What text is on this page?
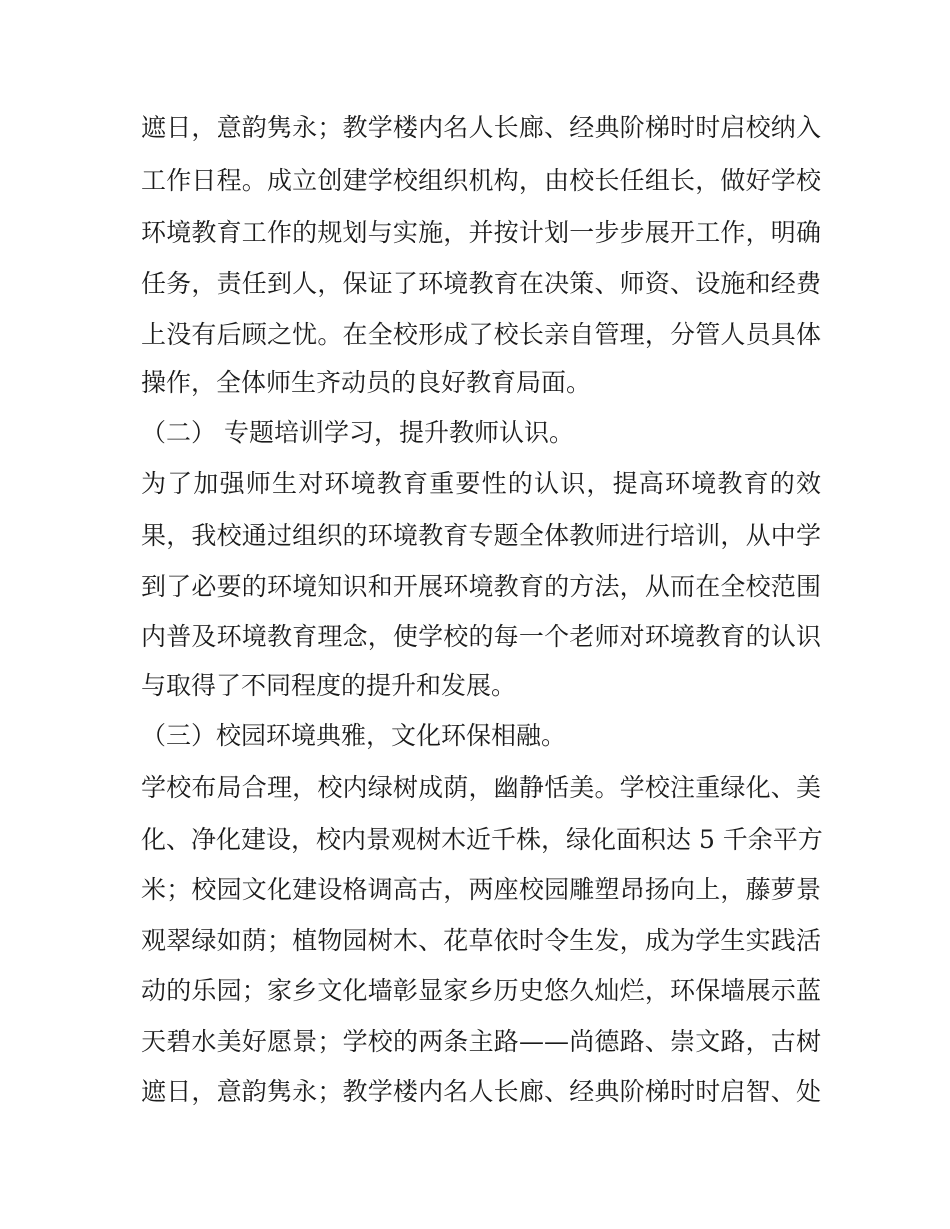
遮日，意韵隽永；教学楼内名人长廊、经典阶梯时时启校纳入
工作日程。成立创建学校组织机构，由校长任组长，做好学校
环境教育工作的规划与实施，并按计划一步步展开工作，明确
任务，责任到人，保证了环境教育在决策、师资、设施和经费
上没有后顾之忧。在全校形成了校长亲自管理，分管人员具体
操作，全体师生齐动员的良好教育局面。
（二） 专题培训学习，提升教师认识。
为了加强师生对环境教育重要性的认识，提高环境教育的效
果，我校通过组织的环境教育专题全体教师进行培训，从中学
到了必要的环境知识和开展环境教育的方法，从而在全校范围
内普及环境教育理念，使学校的每一个老师对环境教育的认识
与取得了不同程度的提升和发展。
（三）校园环境典雅，文化环保相融。
学校布局合理，校内绿树成荫，幽静恬美。学校注重绿化、美
化、净化建设，校内景观树木近千株，绿化面积达 5 千余平方
米；校园文化建设格调高古，两座校园雕塑昂扬向上，藤萝景
观翠绿如荫；植物园树木、花草依时令生发，成为学生实践活
动的乐园；家乡文化墙彰显家乡历史悠久灿烂，环保墙展示蓝
天碧水美好愿景；学校的两条主路——尚德路、崇文路，古树
遮日，意韵隽永；教学楼内名人长廊、经典阶梯时时启智、处
